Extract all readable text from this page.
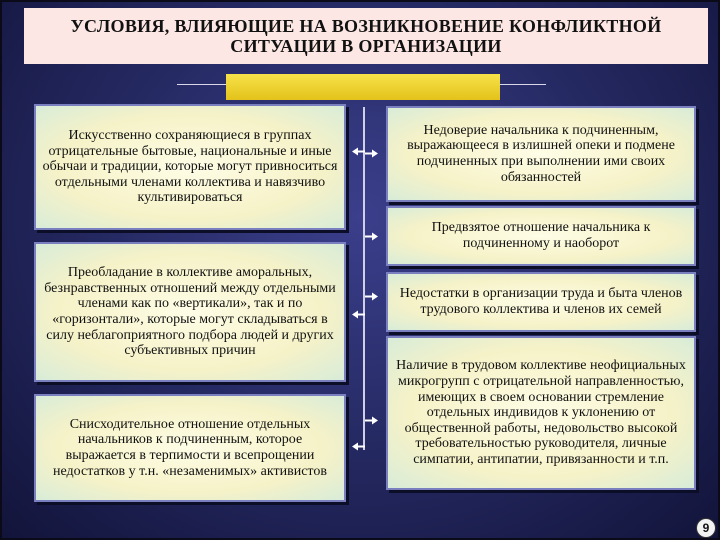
УСЛОВИЯ, ВЛИЯЮЩИЕ НА ВОЗНИКНОВЕНИЕ КОНФЛИКТНОЙ
СИТУАЦИИ В ОРГАНИЗАЦИИ
Искусственно сохраняющиеся в группах отрицательные бытовые, национальные и иные обычаи и традиции, которые могут привноситься отдельными членами коллектива и навязчиво культивироваться
Преобладание в коллективе аморальных, безнравственных отношений между отдельными членами как по «вертикали», так и по «горизонтали», которые могут складываться в силу неблагоприятного подбора людей и других субъективных причин
Снисходительное отношение отдельных начальников к подчиненным, которое выражается в терпимости и всепрощении недостатков у т.н. «незаменимых» активистов
Недоверие начальника к подчиненным, выражающееся в излишней опеки и подмене подчиненных при выполнении ими своих обязанностей
Предвзятое отношение начальника к подчиненному и наоборот
Недостатки в организации труда и быта членов трудового коллектива и членов их семей
Наличие в трудовом коллективе неофициальных микрогрупп с отрицательной направленностью, имеющих в своем основании стремление отдельных индивидов к уклонению от общественной работы, недовольство высокой требовательностью руководителя, личные симпатии, антипатии, привязанности и т.п.
9
